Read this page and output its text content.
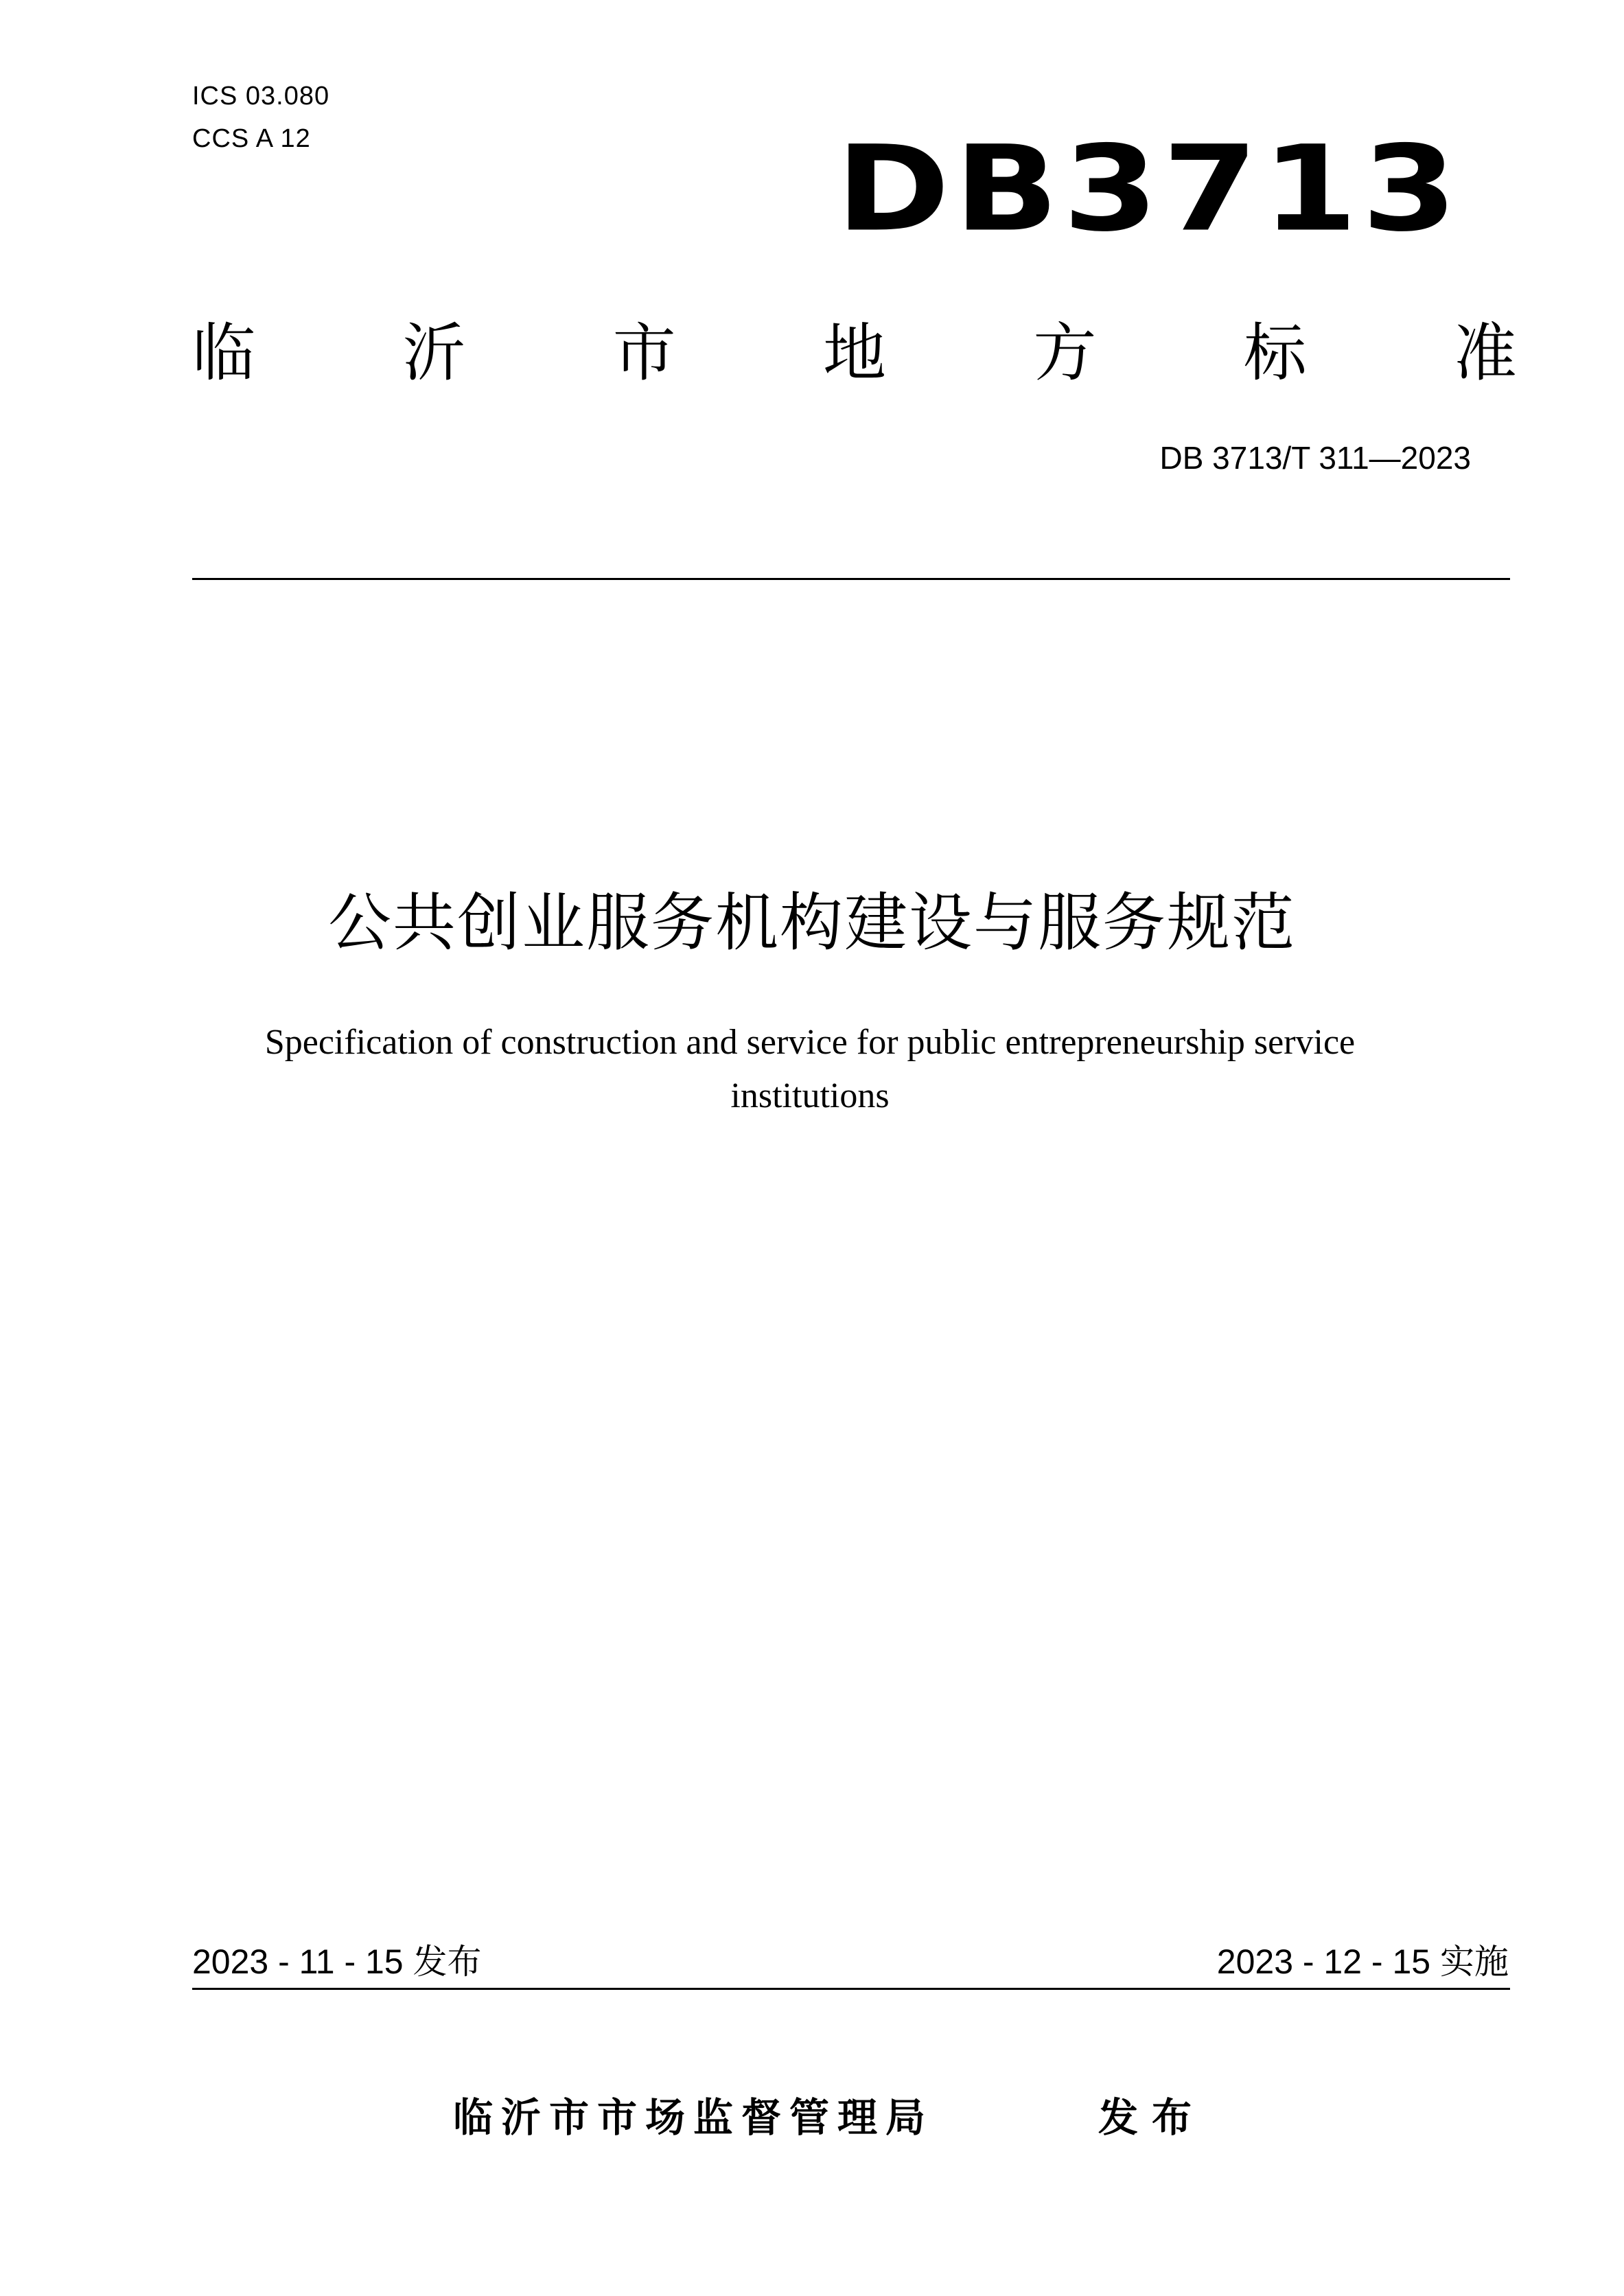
ICS 03.080
CCS A 12	DB3713
临 沂 市 地 方 标 准
DB 3713/T 311—2023
公共创业服务机构建设与服务规范
Specification of construction and service for public entrepreneurship service institutions
2023 - 11 - 15 发布	2023 - 12 - 15 实施
临沂市市场监督管理局	发布
